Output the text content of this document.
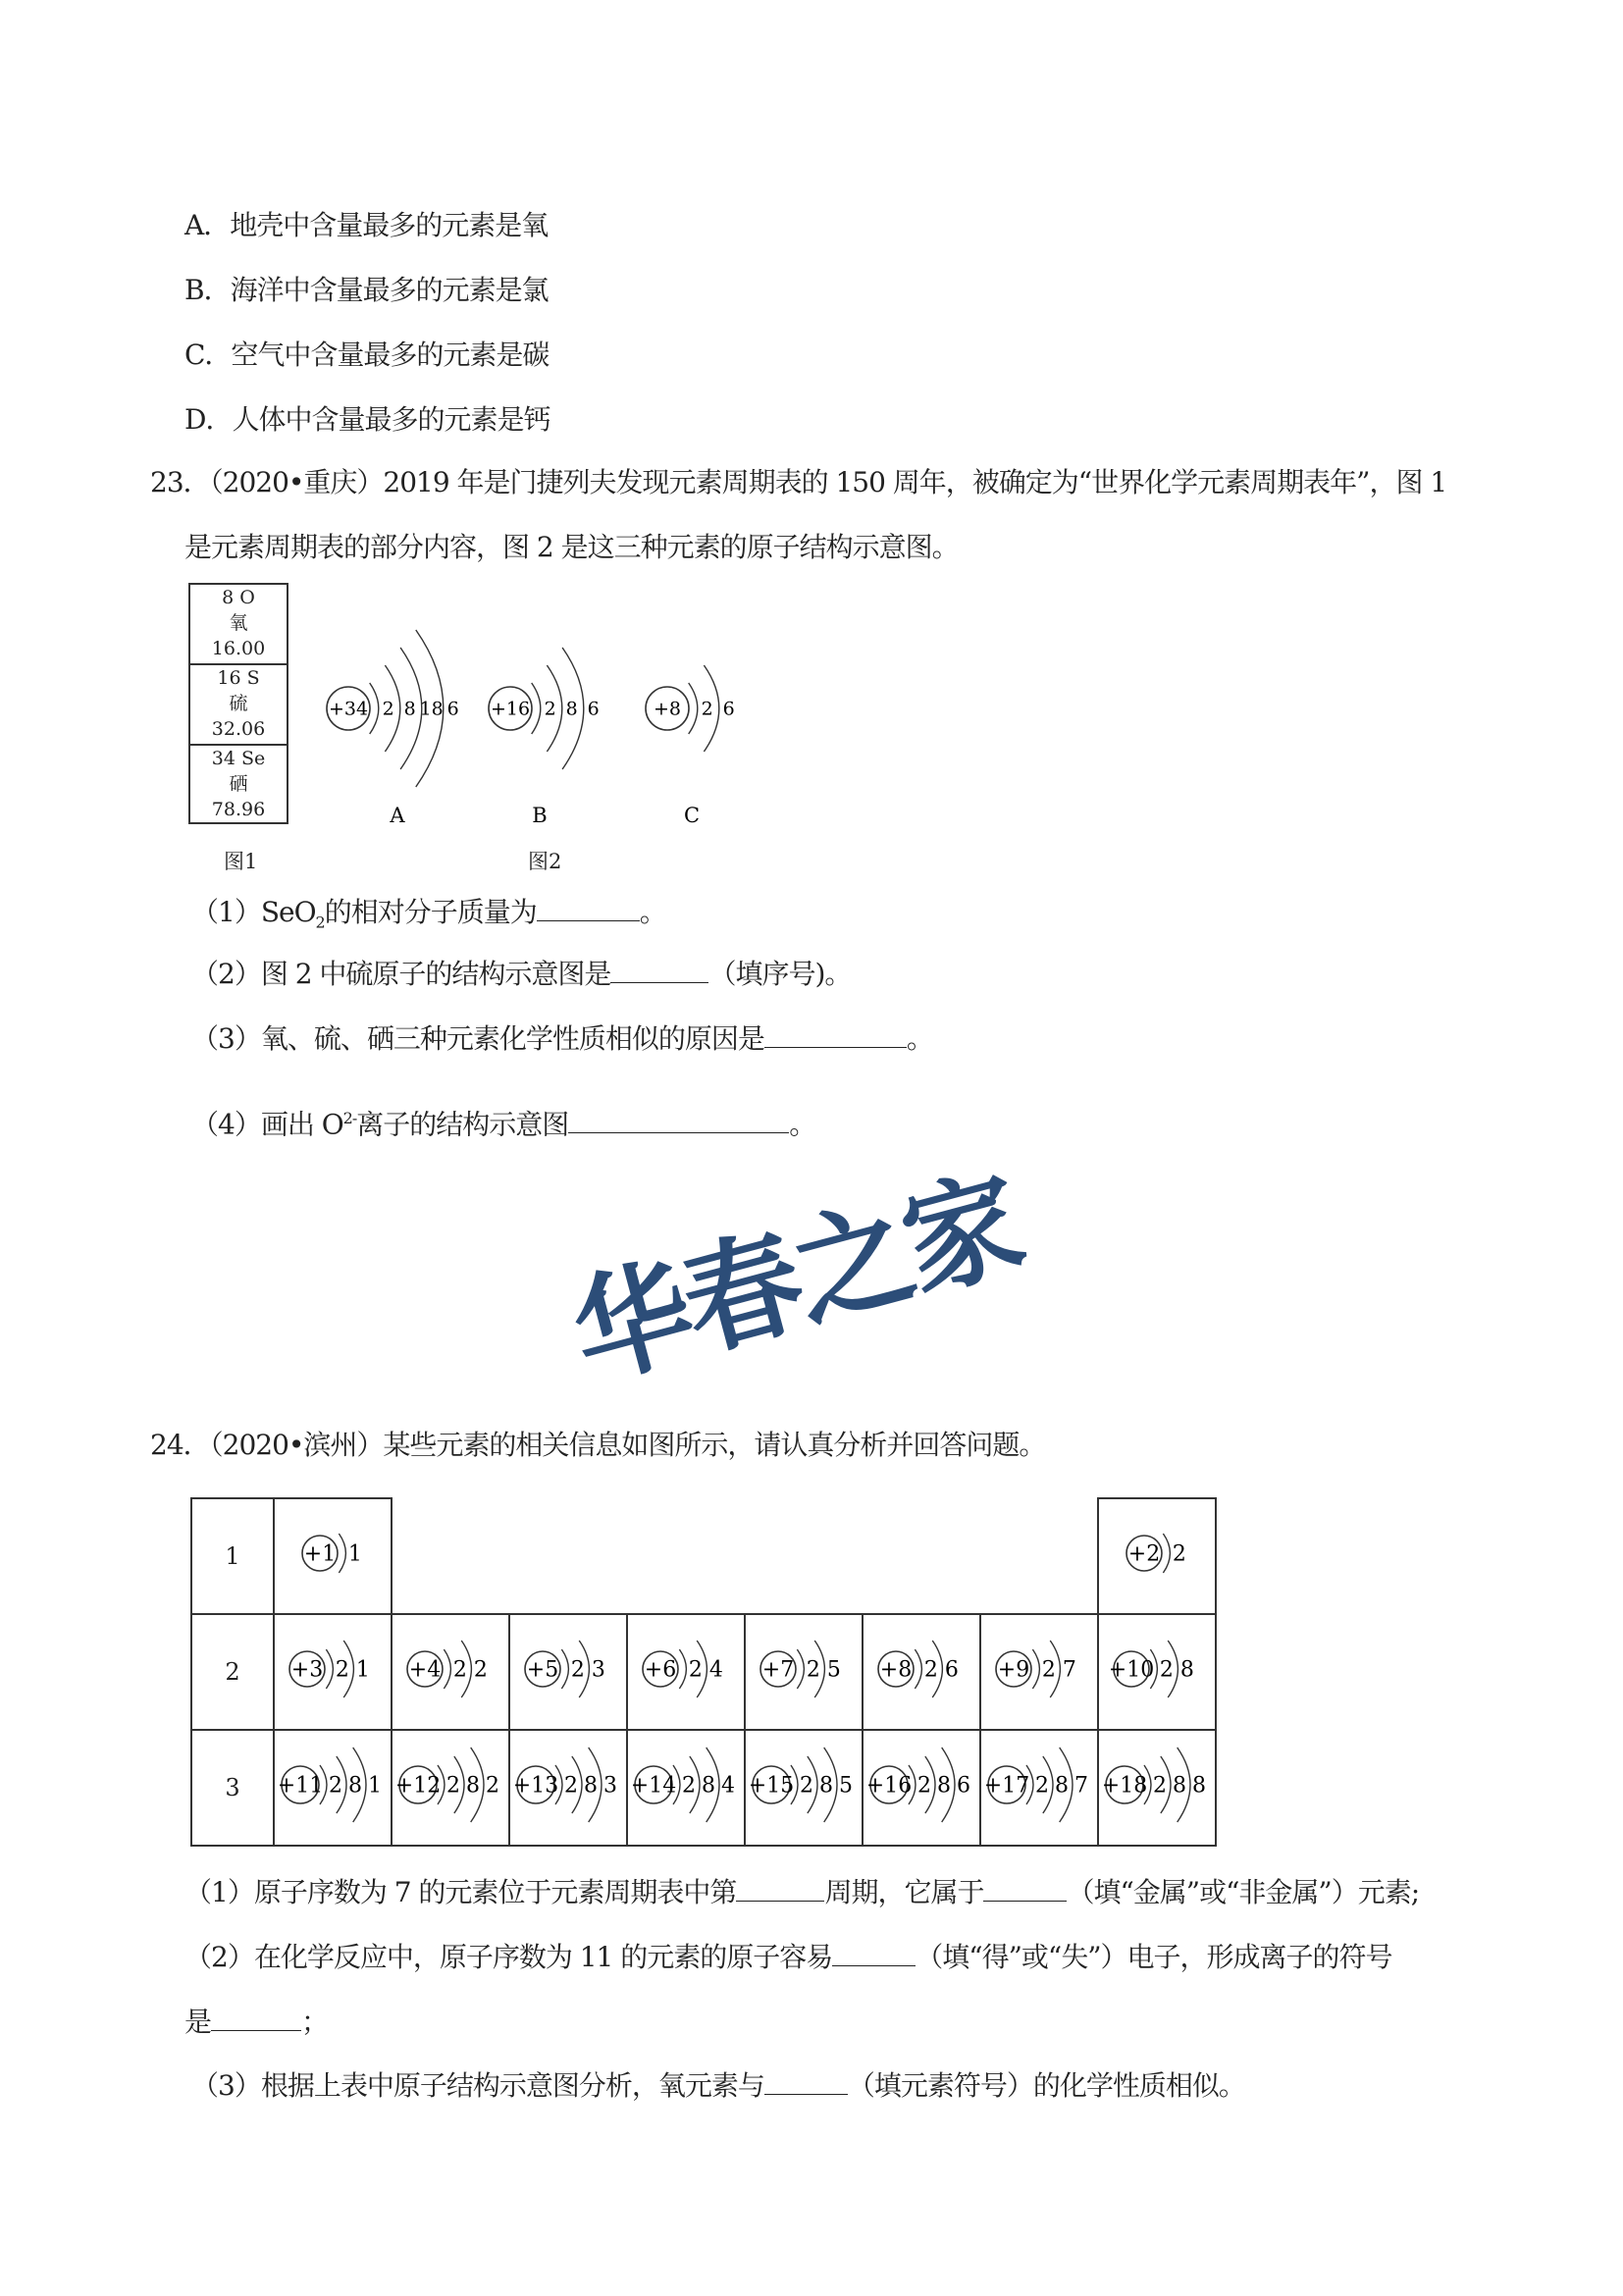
A．地壳中含量最多的元素是氧
B．海洋中含量最多的元素是氯
C．空气中含量最多的元素是碳
D．人体中含量最多的元素是钙
23．（2020•重庆）2019 年是门捷列夫发现元素周期表的 150 周年，被确定为“世界化学元素周期表年”，图 1
是元素周期表的部分内容，图 2 是这三种元素的原子结构示意图。
8 O
氧
16.00
16 S
硫
32.06
34 Se
硒
78.96
图1	图2
+34 2 8 18 6
A
+16 2 8 6
B
+8 2 6
C
（1）SeO$_2$的相对分子质量为	。
（2）图 2 中硫原子的结构示意图是	（填序号)。
（3）氧、硫、硒三种元素化学性质相似的原因是	。
（4）画出 $O^{2-}$离子的结构示意图	。
华春之家
24．（2020•滨州）某些元素的相关信息如图所示，请认真分析并回答问题。
1	+1 1							+2 2

2	+3 2 1	+4 2 2	+5 2 3	+6 2 4	+7 2 5	+8 2 6	+9 2 7	+10 2 8

3	+11 2 8 1	+12 2 8 2	+13 2 8 3	+14 2 8 4	+15 2 8 5	+16 2 8 6	+17 2 8 7	+18 2 8 8
（1）原子序数为 7 的元素位于元素周期表中第	周期，它属于	（填“金属”或“非金属”）元素;
（2）在化学反应中，原子序数为 11 的元素的原子容易	（填“得”或“失”）电子，形成离子的符号
是	；
（3）根据上表中原子结构示意图分析，氧元素与	（填元素符号）的化学性质相似。
